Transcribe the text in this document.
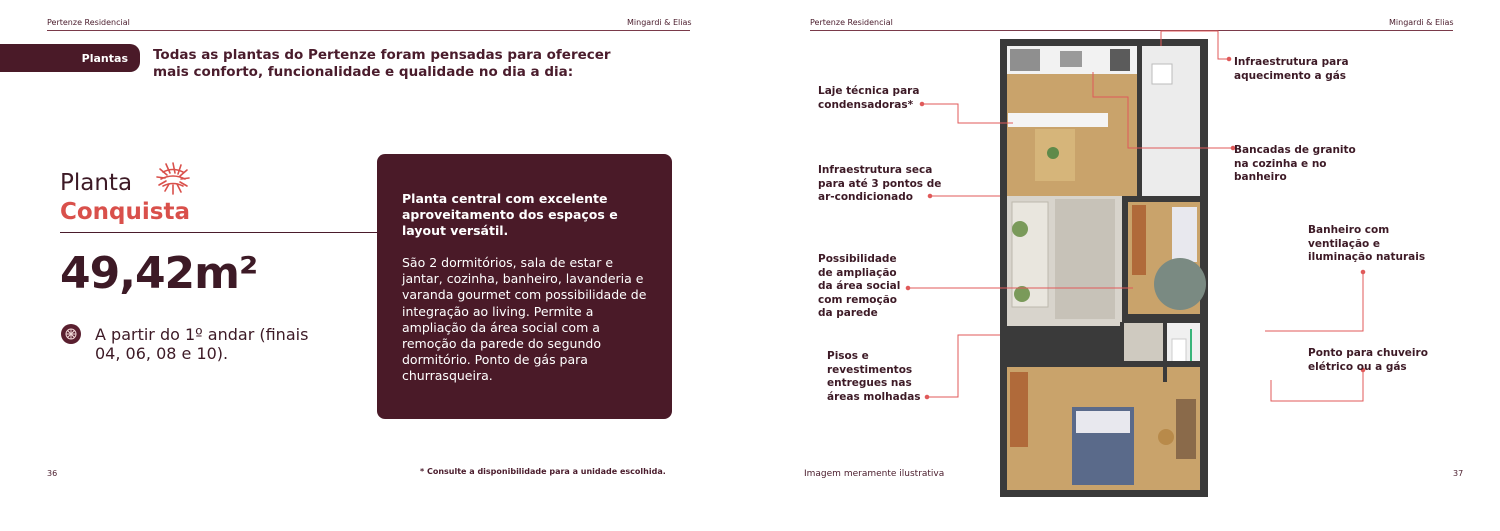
Pertenze Residencial	Mingardi & Elias
Plantas	Todas as plantas do Pertenze foram pensadas para oferecer mais conforto, funcionalidade e qualidade no dia a dia:
Planta
Conquista
49,42m²
A partir do 1º andar (finais 04, 06, 08 e 10).
Planta central com excelente aproveitamento dos espaços e layout versátil.
São 2 dormitórios, sala de estar e jantar, cozinha, banheiro, lavanderia e varanda gourmet com possibilidade de integração ao living. Permite a ampliação da área social com a remoção da parede do segundo dormitório. Ponto de gás para churrasqueira.
36	* Consulte a disponibilidade para a unidade escolhida.
Pertenze Residencial	Mingardi & Elias
Laje técnica para condensadoras*
Infraestrutura seca para até 3 pontos de ar-condicionado
Possibilidade de ampliação da área social com remoção da parede
Pisos e revestimentos entregues nas áreas molhadas
Infraestrutura para aquecimento a gás
Bancadas de granito na cozinha e no banheiro
Banheiro com ventilação e iluminação naturais
Ponto para chuveiro elétrico ou a gás
Imagem meramente ilustrativa	37
